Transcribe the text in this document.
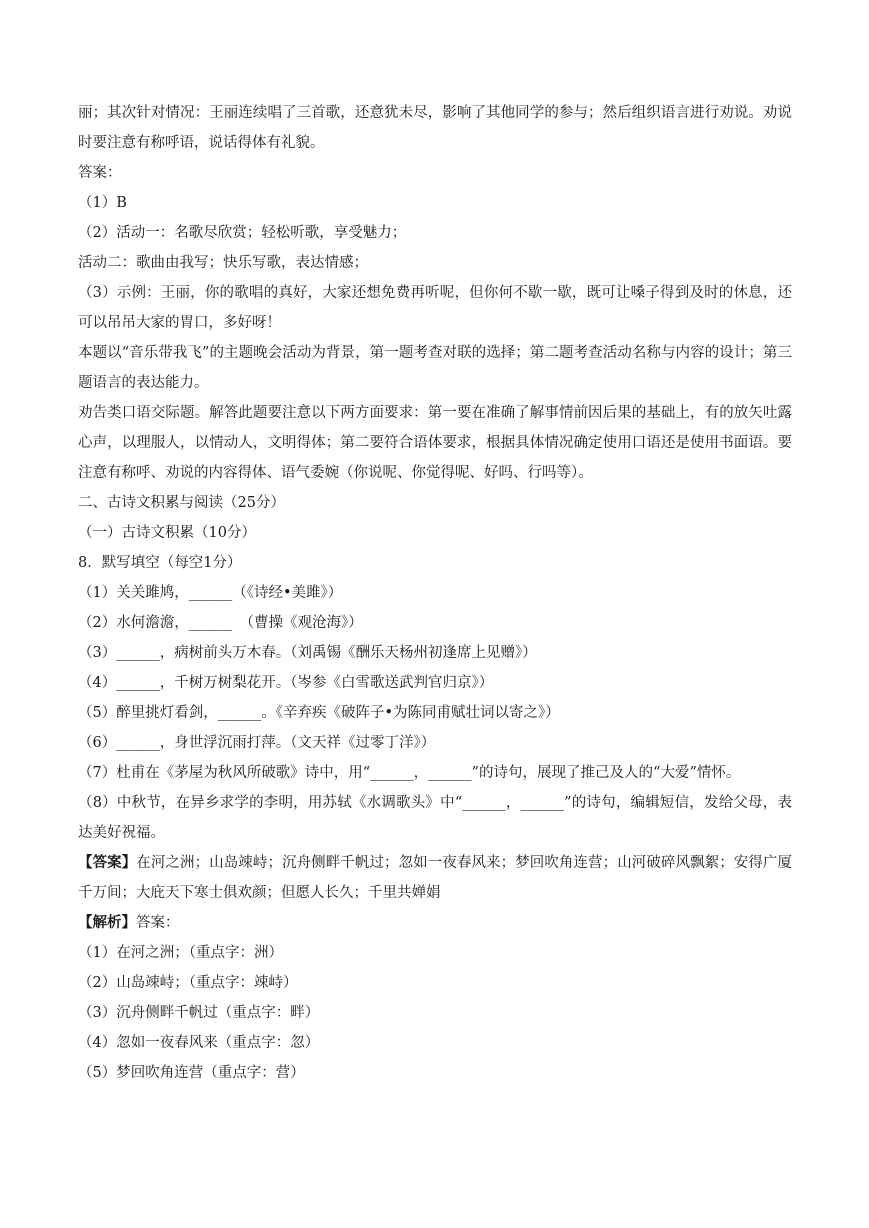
丽；其次针对情况：王丽连续唱了三首歌，还意犹未尽，影响了其他同学的参与；然后组织语言进行劝说。劝说时要注意有称呼语，说话得体有礼貌。
答案：
（1）B
（2）活动一：名歌尽欣赏；轻松听歌，享受魅力；
活动二：歌曲由我写；快乐写歌，表达情感；
（3）示例：王丽，你的歌唱的真好，大家还想免费再听呢，但你何不歇一歇，既可让嗓子得到及时的休息，还可以吊吊大家的胃口，多好呀！
本题以“音乐带我飞”的主题晚会活动为背景，第一题考查对联的选择；第二题考查活动名称与内容的设计；第三题语言的表达能力。
劝告类口语交际题。解答此题要注意以下两方面要求：第一要在准确了解事情前因后果的基础上，有的放矢吐露心声，以理服人，以情动人，文明得体；第二要符合语体要求，根据具体情况确定使用口语还是使用书面语。要注意有称呼、劝说的内容得体、语气委婉（你说呢、你觉得呢、好吗、行吗等）。
二、古诗文积累与阅读（25分）
（一）古诗文积累（10分）
8．默写填空（每空1分）
（1）关关雎鸠，______（《诗经•美雎》）
（2）水何澹澹，______　（曹操《观沧海》）
（3）______，病树前头万木春。（刘禹锡《酬乐天杨州初逢席上见赠》）
（4）______，千树万树梨花开。（岑参《白雪歌送武判官归京》）
（5）醉里挑灯看剑，______。《辛弃疾《破阵子•为陈同甫赋壮词以寄之》）
（6）______，身世浮沉雨打萍。（文天祥《过零丁洋》）
（7）杜甫在《茅屋为秋风所破歌》诗中，用“______，______”的诗句，展现了推己及人的“大爱”情怀。
（8）中秋节，在异乡求学的李明，用苏轼《水调歌头》中“______，______”的诗句，编辑短信，发给父母，表达美好祝福。
【答案】在河之洲；山岛竦峙；沉舟侧畔千帆过；忽如一夜春风来；梦回吹角连营；山河破碎风飘絮；安得广厦千万间；大庇天下寒士俱欢颜；但愿人长久；千里共婵娟
【解析】答案：
（1）在河之洲；（重点字：洲）
（2）山岛竦峙；（重点字：竦峙）
（3）沉舟侧畔千帆过（重点字：畔）
（4）忽如一夜春风来（重点字：忽）
（5）梦回吹角连营（重点字：营）
